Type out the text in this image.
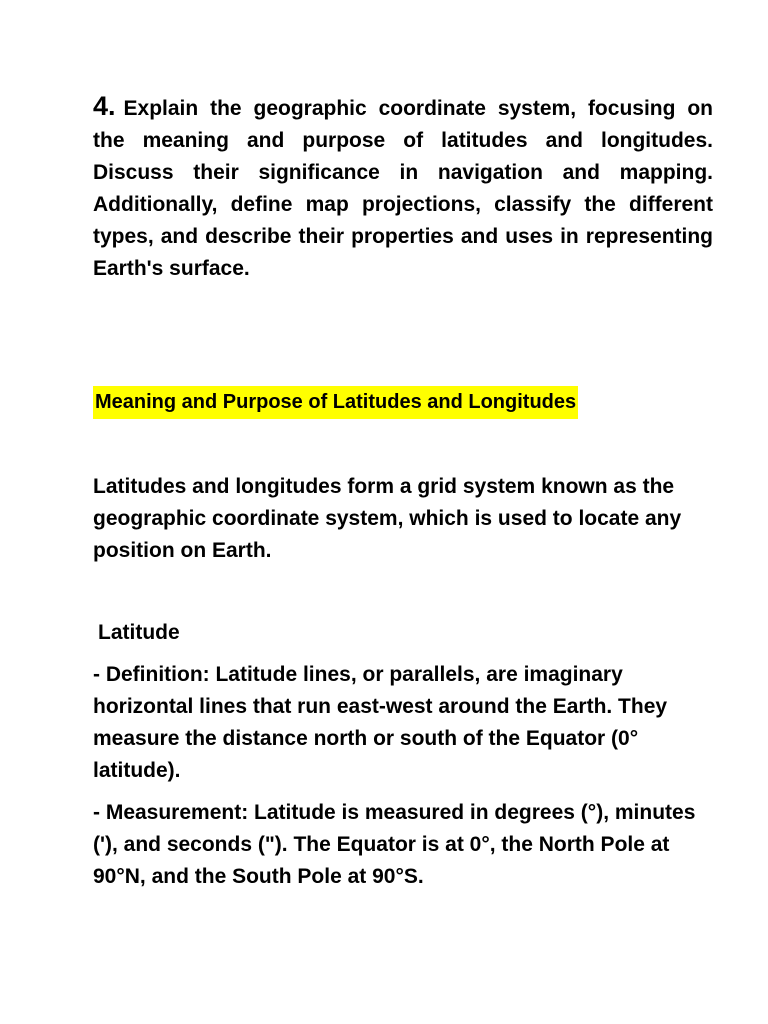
4. Explain the geographic coordinate system, focusing on the meaning and purpose of latitudes and longitudes. Discuss their significance in navigation and mapping. Additionally, define map projections, classify the different types, and describe their properties and uses in representing Earth's surface.

Meaning and Purpose of Latitudes and Longitudes

Latitudes and longitudes form a grid system known as the geographic coordinate system, which is used to locate any position on Earth.

Latitude

- Definition: Latitude lines, or parallels, are imaginary horizontal lines that run east-west around the Earth. They measure the distance north or south of the Equator (0° latitude).

- Measurement: Latitude is measured in degrees (°), minutes ('), and seconds ("). The Equator is at 0°, the North Pole at 90°N, and the South Pole at 90°S.
